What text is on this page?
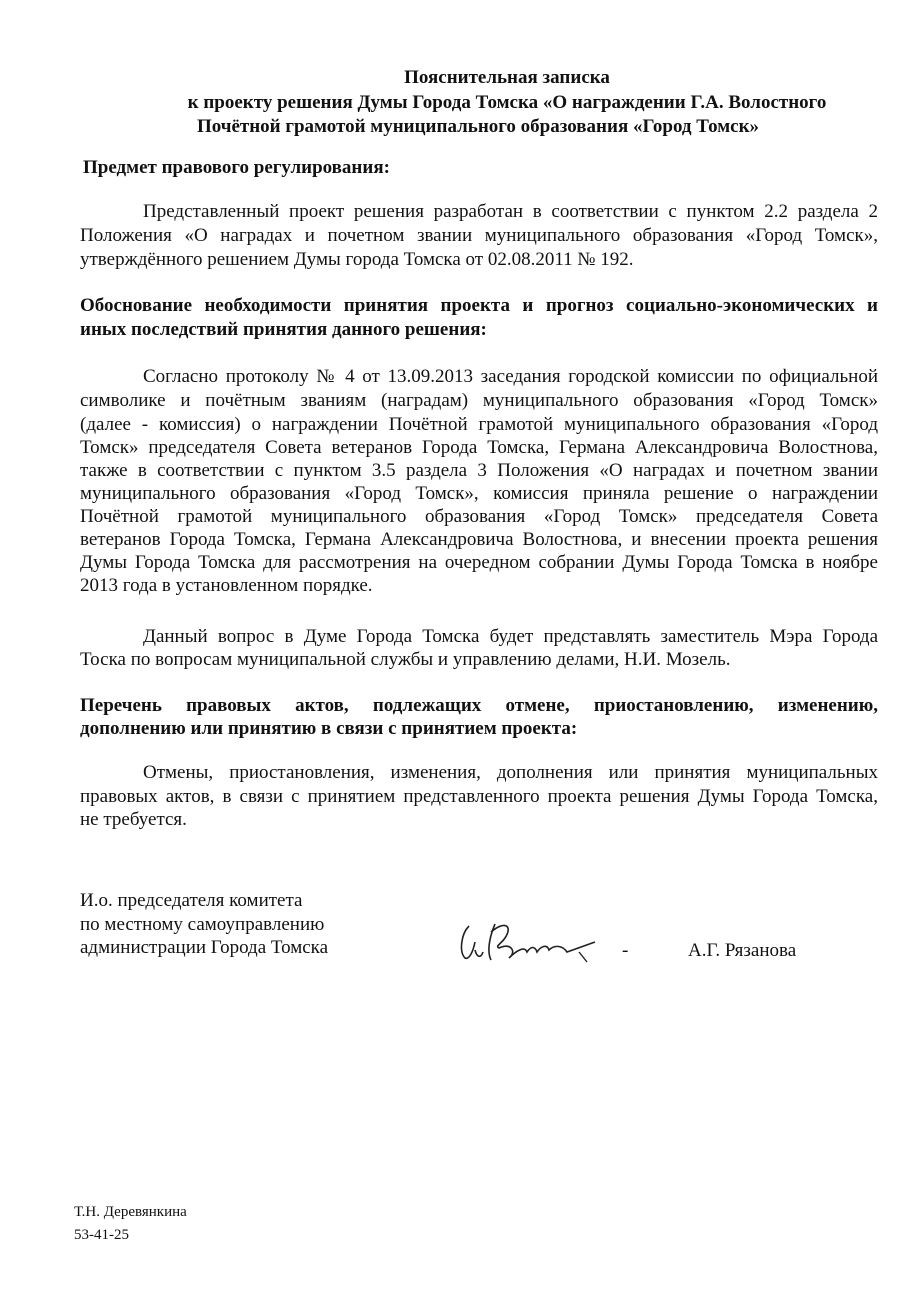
Пояснительная записка
к проекту решения Думы Города Томска «О награждении Г.А. Волостного
Почётной грамотой муниципального образования «Город Томск»
Предмет правового регулирования:
Представленный проект решения разработан в соответствии с пунктом 2.2 раздела 2
Положения «О наградах и почетном звании муниципального образования «Город Томск»,
утверждённого решением Думы города Томска от 02.08.2011 № 192.
Обоснование необходимости принятия проекта и прогноз социально-экономических и
иных последствий принятия данного решения:
Согласно протоколу № 4 от 13.09.2013 заседания городской комиссии по официальной
символике и почётным званиям (наградам) муниципального образования «Город Томск»
(далее - комиссия) о награждении Почётной грамотой муниципального образования «Город
Томск» председателя Совета ветеранов Города Томска, Германа Александровича Волостнова,
также в соответствии с пунктом 3.5 раздела 3 Положения «О наградах и почетном звании
муниципального образования «Город Томск», комиссия приняла решение о награждении
Почётной грамотой муниципального образования «Город Томск» председателя Совета
ветеранов Города Томска, Германа Александровича Волостнова, и внесении проекта решения
Думы Города Томска для рассмотрения на очередном собрании Думы Города Томска в ноябре
2013 года в установленном порядке.
Данный вопрос в Думе Города Томска будет представлять заместитель Мэра Города
Тоска по вопросам муниципальной службы и управлению делами, Н.И. Мозель.
Перечень правовых актов, подлежащих отмене, приостановлению, изменению,
дополнению или принятию в связи с принятием проекта:
Отмены, приостановления, изменения, дополнения или принятия муниципальных
правовых актов, в связи с принятием представленного проекта решения Думы Города Томска,
не требуется.
И.о. председателя комитета
по местному самоуправлению
администрации Города Томска	-	А.Г. Рязанова
Т.Н. Деревянкина
53-41-25
